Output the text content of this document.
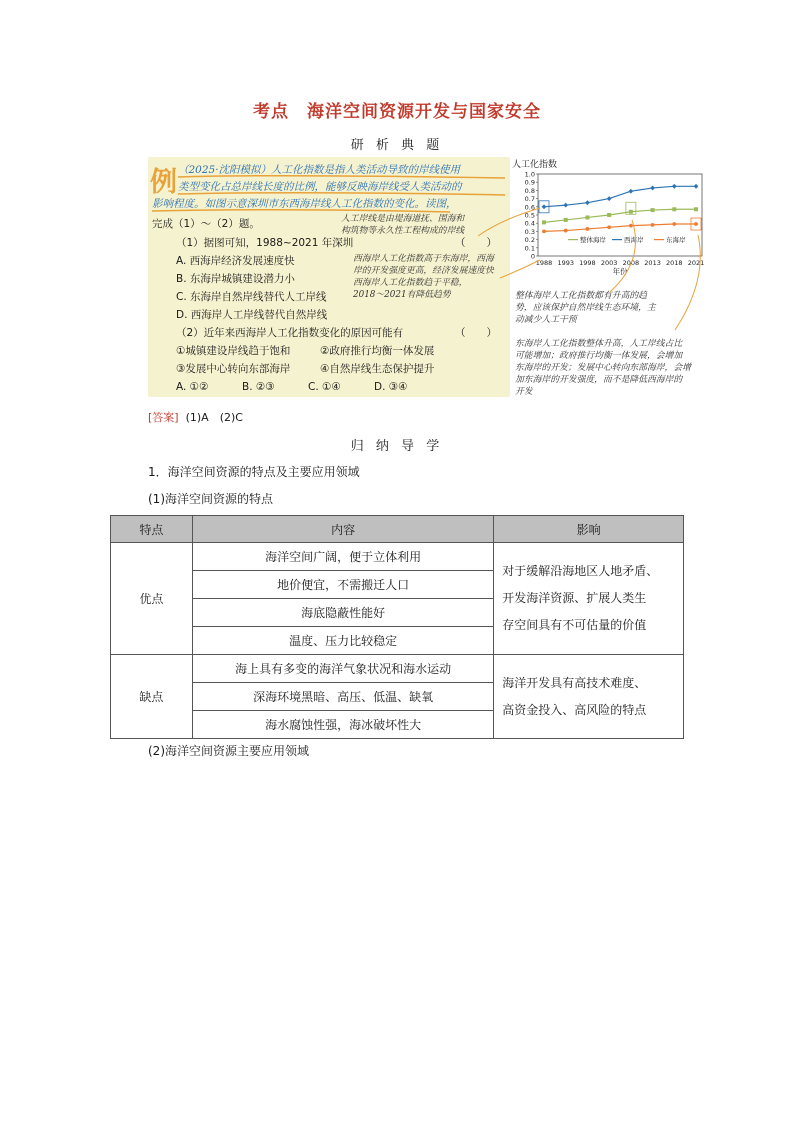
考点 海洋空间资源开发与国家安全
研 析 典 题
例 （2025·沈阳模拟）人工化指数是指人类活动导致的岸线使用
类型变化占总岸线长度的比例，能够反映海岸线受人类活动的
影响程度。如图示意深圳市东西海岸线人工化指数的变化。读图，
完成（1）～（2）题。	人工岸线是由堤海道抚、围海和
构筑物等永久性工程构成的岸线
（1）据图可知，1988~2021 年深圳	（　　）
A. 西海岸经济发展速度快
B. 东海岸城镇建设潜力小
C. 东海岸自然岸线替代人工岸线
D. 西海岸人工岸线替代自然岸线
西海岸人工化指数高于东海岸，西海
岸的开发强度更高，经济发展速度快
西海岸人工化指数趋于平稳，
2018～2021有降低趋势
（2）近年来西海岸人工化指数变化的原因可能有	（　　）
①城镇建设岸线趋于饱和	②政府推行均衡一体发展
③发展中心转向东部海岸	④自然岸线生态保护提升
A. ①②	B. ②③	C. ①④	D. ③④
人工化指数
0
0.1
0.2
0.3
0.4
0.5
0.6
0.7
0.8
0.9
1.0
1988 1993 1998 2003 2008 2013 2018 2021
年份
整体海岸	西海岸	东海岸
整体海岸人工化指数都有升高的趋
势，应该保护自然岸线生态环境，主
动减少人工干预
东海岸人工化指数整体升高，人工岸线占比
可能增加；政府推行均衡一体发展，会增加
东海岸的开发；发展中心转向东部海岸，会增
加东海岸的开发强度，而不是降低西海岸的
开发
[答案] (1)A　(2)C
归 纳 导 学
1．海洋空间资源的特点及主要应用领域
(1)海洋空间资源的特点
特点	内容	影响
优点	海洋空间广阔，便于立体利用	对于缓解沿海地区人地矛盾、
开发海洋资源、扩展人类生
存空间具有不可估量的价值

	地价便宜，不需搬迁人口	
	海底隐蔽性能好	
	温度、压力比较稳定	
缺点	海上具有多变的海洋气象状况和海水运动	海洋开发具有高技术难度、
高资金投入、高风险的特点

	深海环境黑暗、高压、低温、缺氧	
	海水腐蚀性强，海冰破坏性大	
(2)海洋空间资源主要应用领域
